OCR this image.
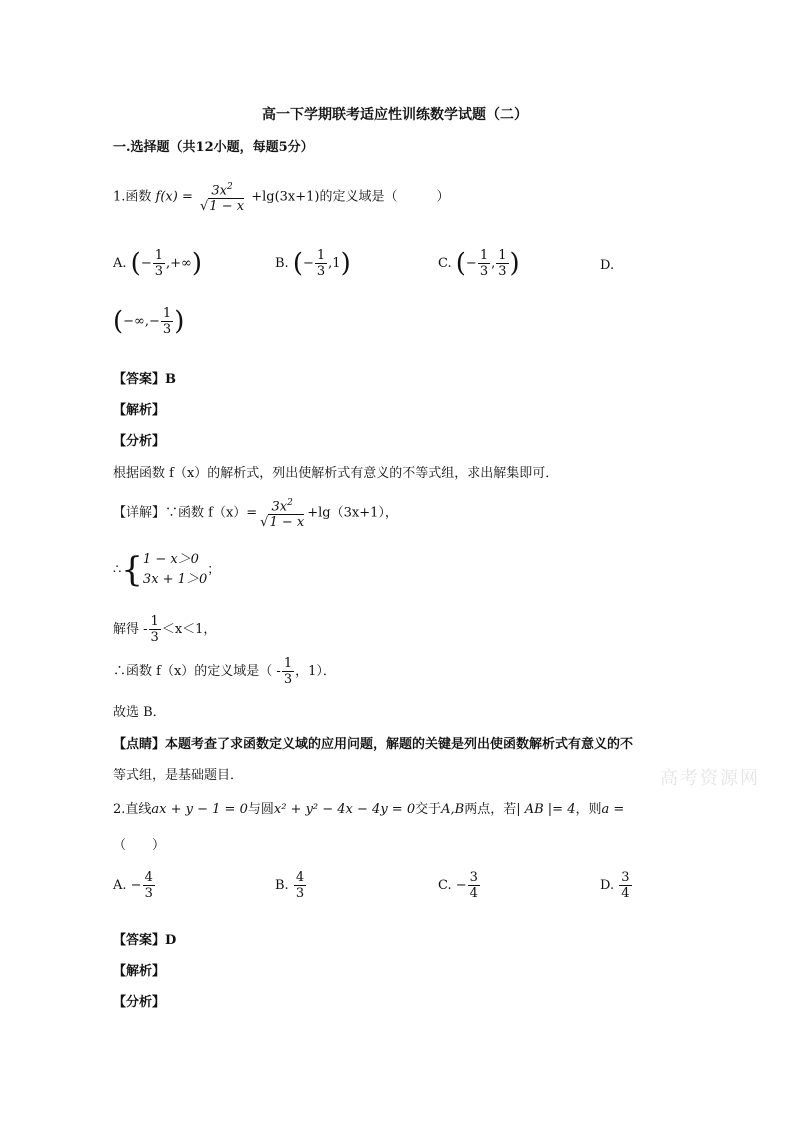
高一下学期联考适应性训练数学试题（二）
一.选择题（共12小题，每题5分）
1.函数 $f(x) = \frac{3x^2}{√1 - x} +\lg(3x+1)$的定义域是（　　　）
A. (− $\frac{1}{3}$ ,+∞)	B. (− $\frac{1}{3} ,1$)	C. (− $\frac{1}{3}$ , $\frac{1}{3}$ )	D.
(−∞,− $\frac{1}{3}$ )
【答案】B
【解析】
【分析】
根据函数 f（x）的解析式，列出使解析式有意义的不等式组，求出解集即可．
【详解】∵函数 $f(x)= \frac{3x^2}{√1 - x} +\lg(3x+1)$，
∴{ 1 − x＞0
3x + 1＞0
；
解得 - $\frac{1}{3} <x<1$，
∴函数 f（x）的定义域是（ - $\frac{1}{3}$ ，1）．
故选 B．
【点睛】本题考查了求函数定义域的应用问题，解题的关键是列出使函数解析式有意义的不
等式组，是基础题目．	高考资源网
2.直线ax + y − 1 = 0与圆x² + y² − 4x − 4y = 0交于A,B两点，若| AB |= 4，则a =
（　　）
A. − $\frac{4}{3}$	B. $\frac{4}{3}$	C. − $\frac{3}{4}$	D. $\frac{3}{4}$
【答案】D
【解析】
【分析】
